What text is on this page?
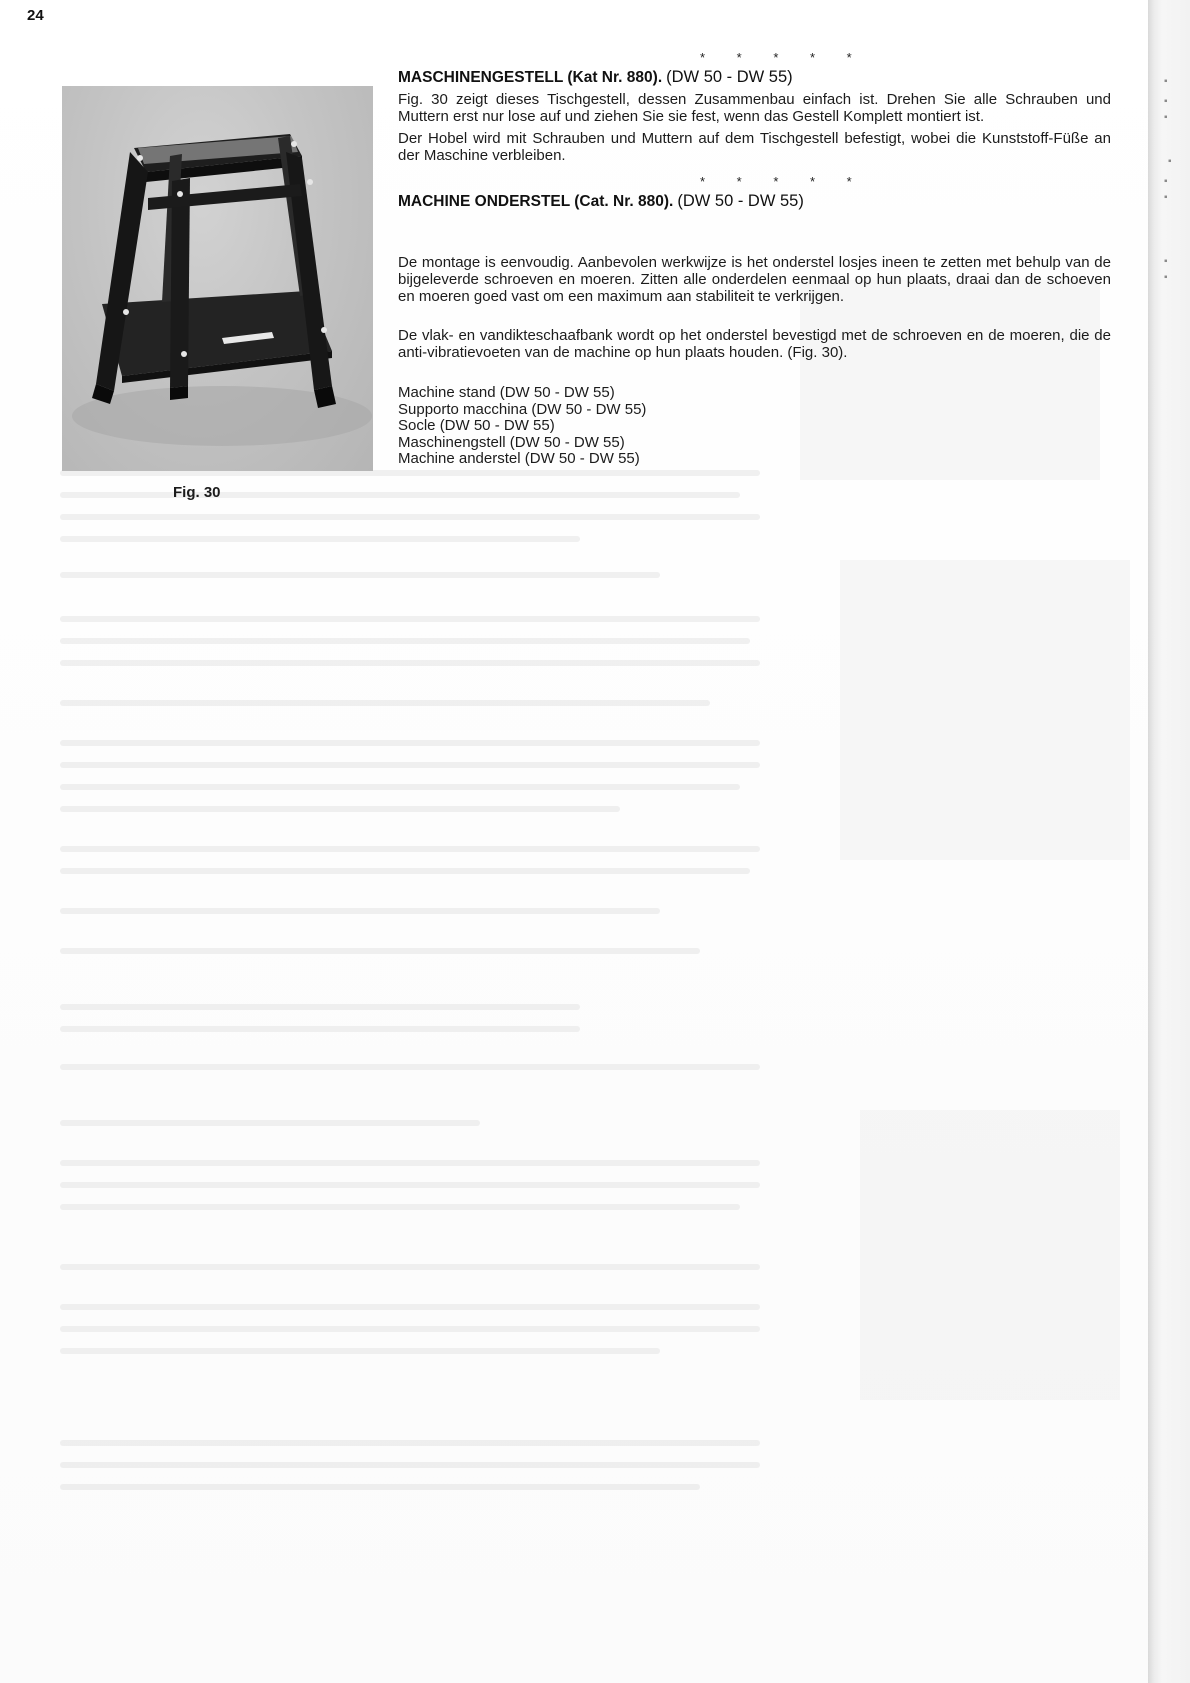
24
Fig. 30
* * * * *
MASCHINENGESTELL (Kat Nr. 880). (DW 50 - DW 55)

Fig. 30 zeigt dieses Tischgestell, dessen Zusammenbau einfach ist. Drehen Sie alle Schrauben und Muttern erst nur lose auf und ziehen Sie sie fest, wenn das Gestell Komplett montiert ist.

Der Hobel wird mit Schrauben und Muttern auf dem Tischgestell befestigt, wobei die Kunststoff-Füße an der Maschine verbleiben.

* * * * *
MACHINE ONDERSTEL (Cat. Nr. 880). (DW 50 - DW 55)

De montage is eenvoudig. Aanbevolen werkwijze is het onderstel losjes ineen te zetten met behulp van de bijgeleverde schroeven en moeren. Zitten alle onderdelen eenmaal op hun plaats, draai dan de schoeven en moeren goed vast om een maximum aan stabiliteit te verkrijgen.

De vlak- en vandikteschaafbank wordt op het onderstel bevestigd met de schroeven en de moeren, die de anti-vibratievoeten van de machine op hun plaats houden. (Fig. 30).

Machine stand (DW 50 - DW 55)
Supporto macchina (DW 50 - DW 55)
Socle (DW 50 - DW 55)
Maschinengstell (DW 50 - DW 55)
Machine anderstel (DW 50 - DW 55)
▪
▪
▪
▪
▪
▪
▪
▪
